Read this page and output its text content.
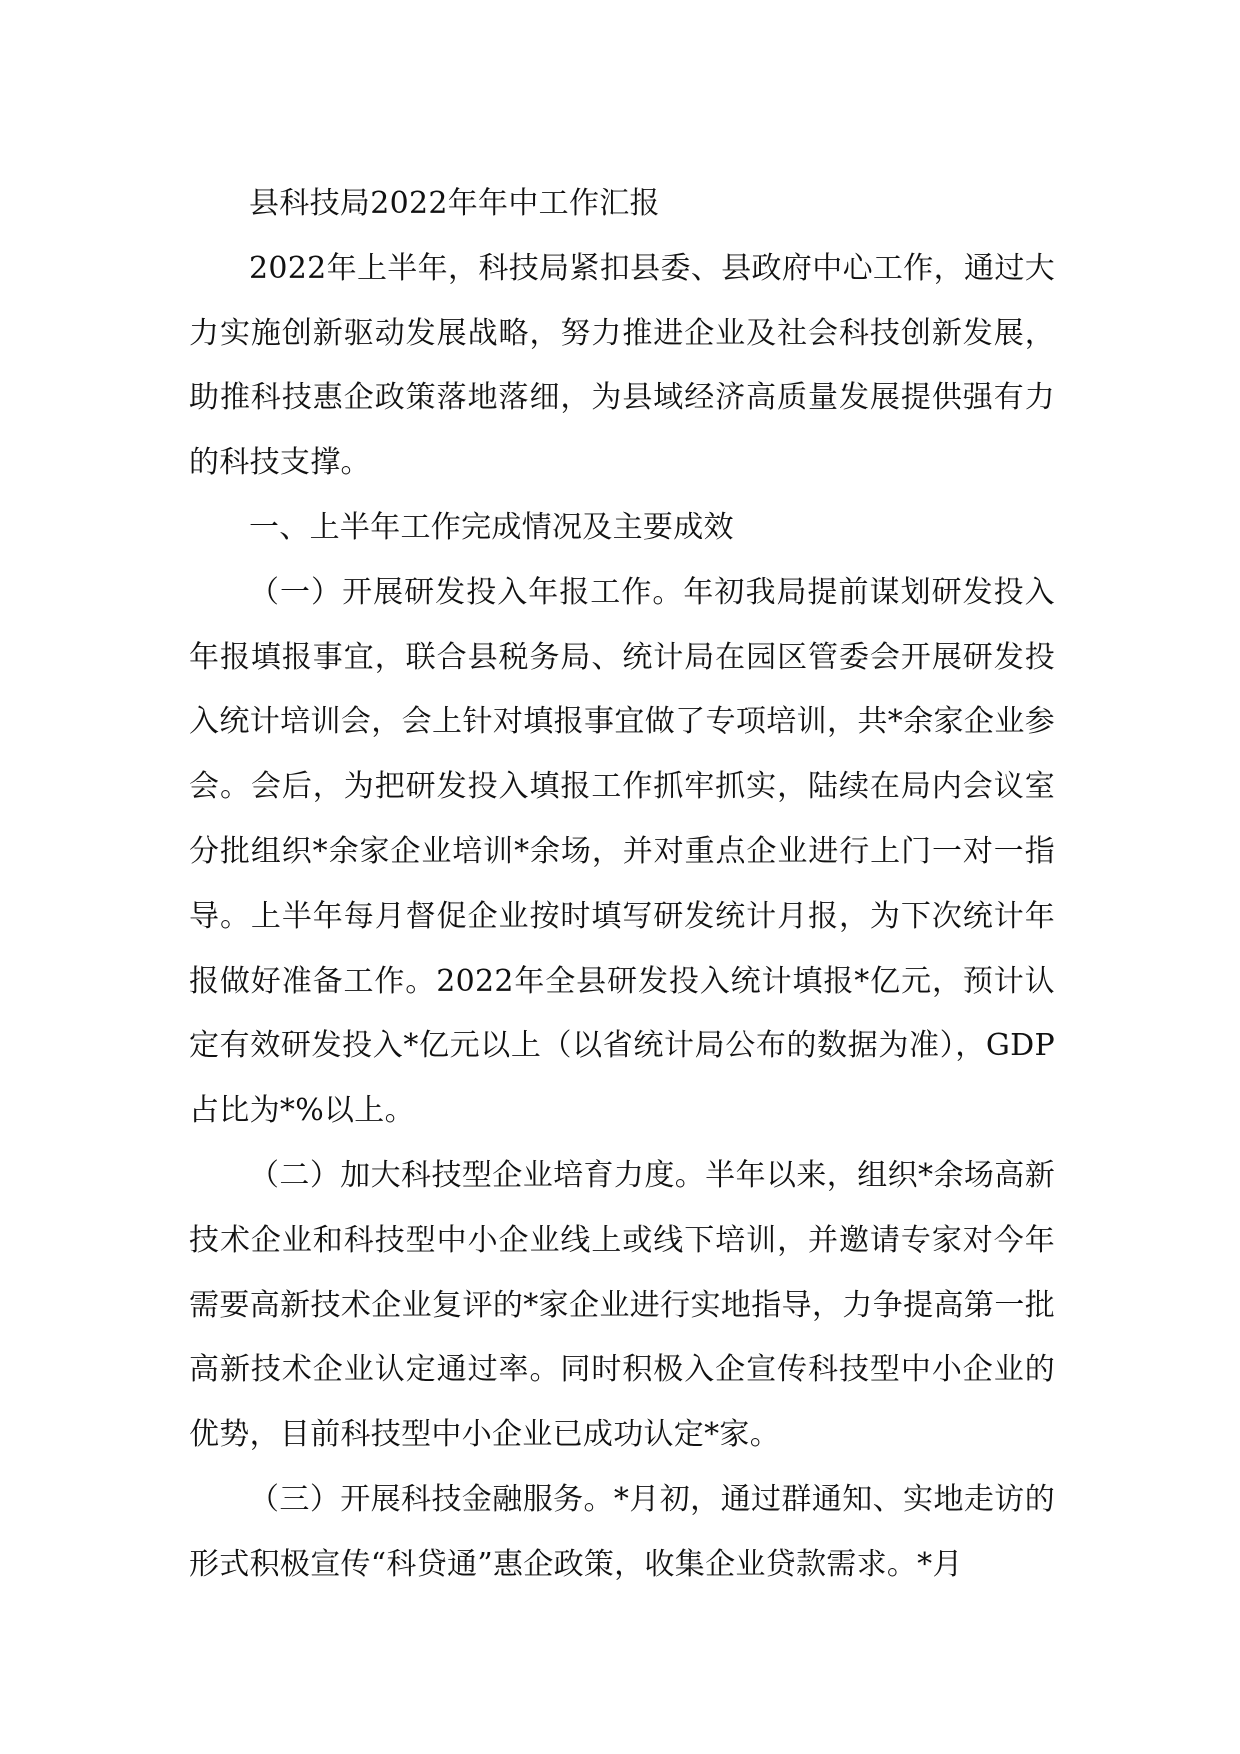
县科技局2022年年中工作汇报

2022年上半年，科技局紧扣县委、县政府中心工作，通过大力实施创新驱动发展战略，努力推进企业及社会科技创新发展，助推科技惠企政策落地落细，为县域经济高质量发展提供强有力的科技支撑。

一、上半年工作完成情况及主要成效

（一）开展研发投入年报工作。年初我局提前谋划研发投入年报填报事宜，联合县税务局、统计局在园区管委会开展研发投入统计培训会，会上针对填报事宜做了专项培训，共*余家企业参会。会后，为把研发投入填报工作抓牢抓实，陆续在局内会议室分批组织*余家企业培训*余场，并对重点企业进行上门一对一指导。上半年每月督促企业按时填写研发统计月报，为下次统计年报做好准备工作。2022年全县研发投入统计填报*亿元，预计认定有效研发投入*亿元以上（以省统计局公布的数据为准），GDP占比为*%以上。

（二）加大科技型企业培育力度。半年以来，组织*余场高新技术企业和科技型中小企业线上或线下培训，并邀请专家对今年需要高新技术企业复评的*家企业进行实地指导，力争提高第一批高新技术企业认定通过率。同时积极入企宣传科技型中小企业的优势，目前科技型中小企业已成功认定*家。

（三）开展科技金融服务。*月初，通过群通知、实地走访的形式积极宣传“科贷通”惠企政策，收集企业贷款需求。*月
